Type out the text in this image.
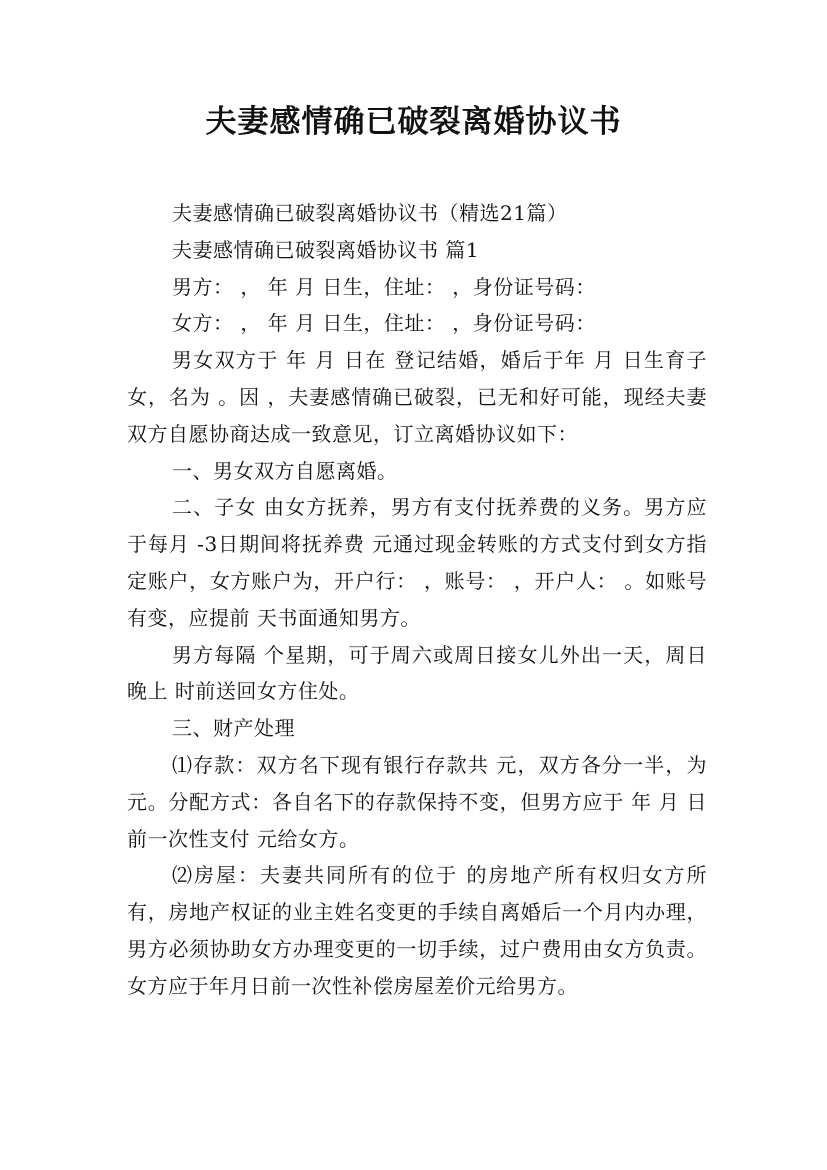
夫妻感情确已破裂离婚协议书

夫妻感情确已破裂离婚协议书（精选21篇）

夫妻感情确已破裂离婚协议书 篇1

男方： ， 年 月 日生，住址： ，身份证号码：

女方： ， 年 月 日生，住址： ，身份证号码：

男女双方于 年 月 日在 登记结婚，婚后于年 月 日生育子女，名为 。因 ，夫妻感情确已破裂，已无和好可能，现经夫妻双方自愿协商达成一致意见，订立离婚协议如下：

一、男女双方自愿离婚。

二、子女 由女方抚养，男方有支付抚养费的义务。男方应于每月 -3日期间将抚养费 元通过现金转账的方式支付到女方指定账户，女方账户为，开户行： ，账号： ，开户人： 。如账号有变，应提前 天书面通知男方。

男方每隔 个星期，可于周六或周日接女儿外出一天，周日晚上 时前送回女方住处。

三、财产处理

⑴存款：双方名下现有银行存款共 元，双方各分一半，为元。分配方式：各自名下的存款保持不变，但男方应于 年 月 日前一次性支付 元给女方。

⑵房屋：夫妻共同所有的位于 的房地产所有权归女方所有，房地产权证的业主姓名变更的手续自离婚后一个月内办理，男方必须协助女方办理变更的一切手续，过户费用由女方负责。女方应于年月日前一次性补偿房屋差价元给男方。
